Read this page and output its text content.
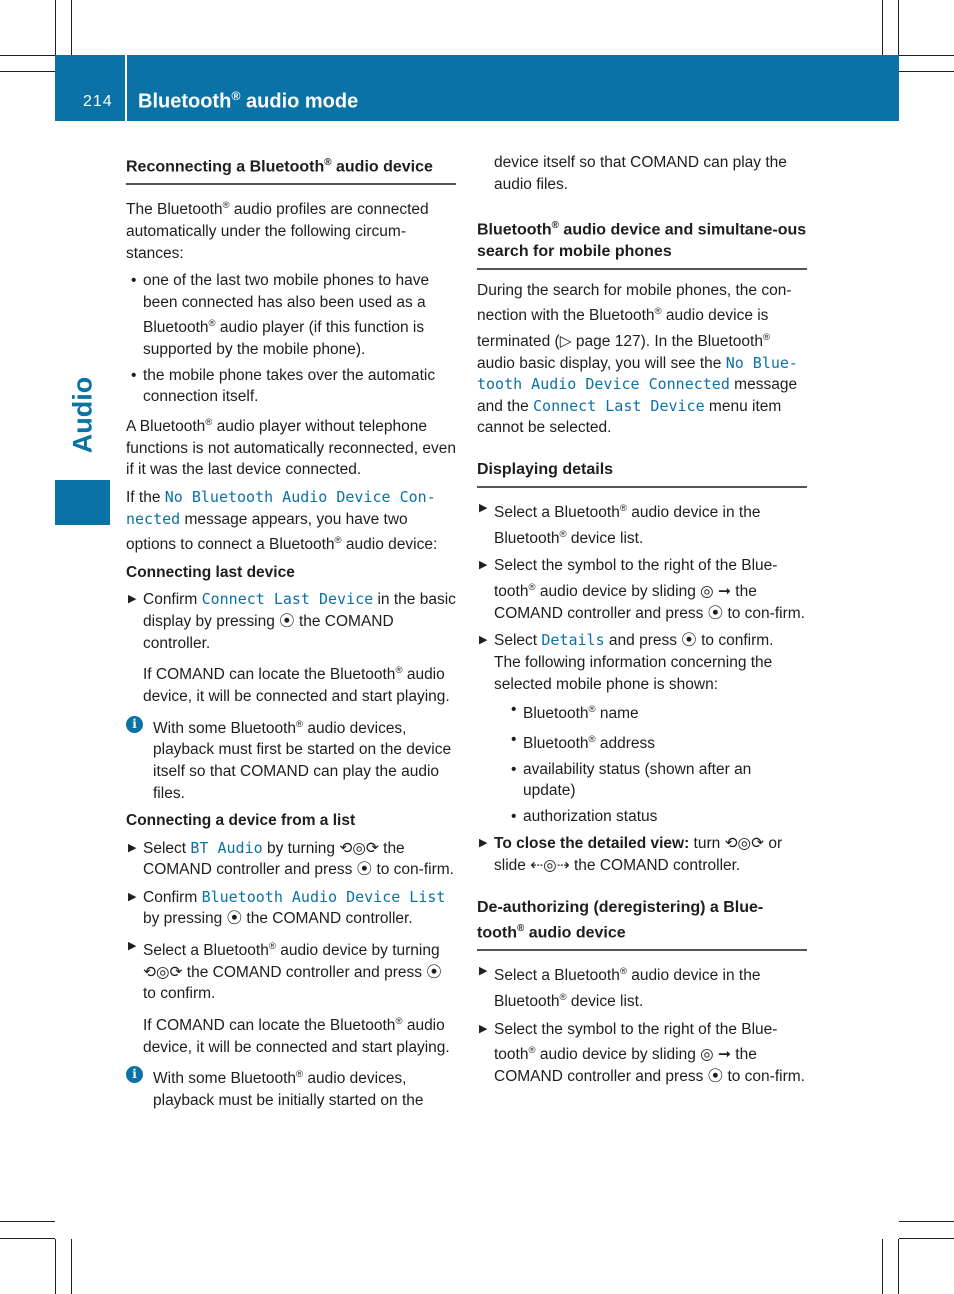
214 Bluetooth® audio mode
Audio
Reconnecting a Bluetooth® audio device

The Bluetooth® audio profiles are connected automatically under the following circum-stances:

• one of the last two mobile phones to have been connected has also been used as a Bluetooth® audio player (if this function is supported by the mobile phone).
• the mobile phone takes over the automatic connection itself.

A Bluetooth® audio player without telephone functions is not automatically reconnected, even if it was the last device connected.

If the No Bluetooth Audio Device Con-nected message appears, you have two options to connect a Bluetooth® audio device:

Connecting last device
▶ Confirm Connect Last Device in the basic display by pressing ⦿ the COMAND controller.

If COMAND can locate the Bluetooth® audio device, it will be connected and start playing.

i	With some Bluetooth® audio devices, playback must first be started on the device itself so that COMAND can play the audio files.
Connecting a device from a list
▶ Select BT Audio by turning ⟲◎⟳ the COMAND controller and press ⦿ to con-firm.
▶ Confirm Bluetooth Audio Device List by pressing ⦿ the COMAND controller.
▶ Select a Bluetooth® audio device by turning ⟲◎⟳ the COMAND controller and press ⦿ to confirm.

If COMAND can locate the Bluetooth® audio device, it will be connected and start playing.

i	With some Bluetooth® audio devices, playback must be initially started on the

device itself so that COMAND can play the audio files.

Bluetooth® audio device and simultane-ous search for mobile phones

During the search for mobile phones, the con-nection with the Bluetooth® audio device is terminated (▷ page 127). In the Bluetooth® audio basic display, you will see the No Blue-tooth Audio Device Connected message and the Connect Last Device menu item cannot be selected.

Displaying details
▶ Select a Bluetooth® audio device in the Bluetooth® device list.
▶ Select the symbol to the right of the Blue-tooth® audio device by sliding ◎ ➞ the COMAND controller and press ⦿ to con-firm.
▶ Select Details and press ⦿ to confirm.
The following information concerning the selected mobile phone is shown:
• Bluetooth® name
• Bluetooth® address
• availability status (shown after an update)
• authorization status
▶ To close the detailed view: turn ⟲◎⟳ or slide ⇠◎⇢ the COMAND controller.
De-authorizing (deregistering) a Blue-tooth® audio device
▶ Select a Bluetooth® audio device in the Bluetooth® device list.
▶ Select the symbol to the right of the Blue-tooth® audio device by sliding ◎ ➞ the COMAND controller and press ⦿ to con-firm.
